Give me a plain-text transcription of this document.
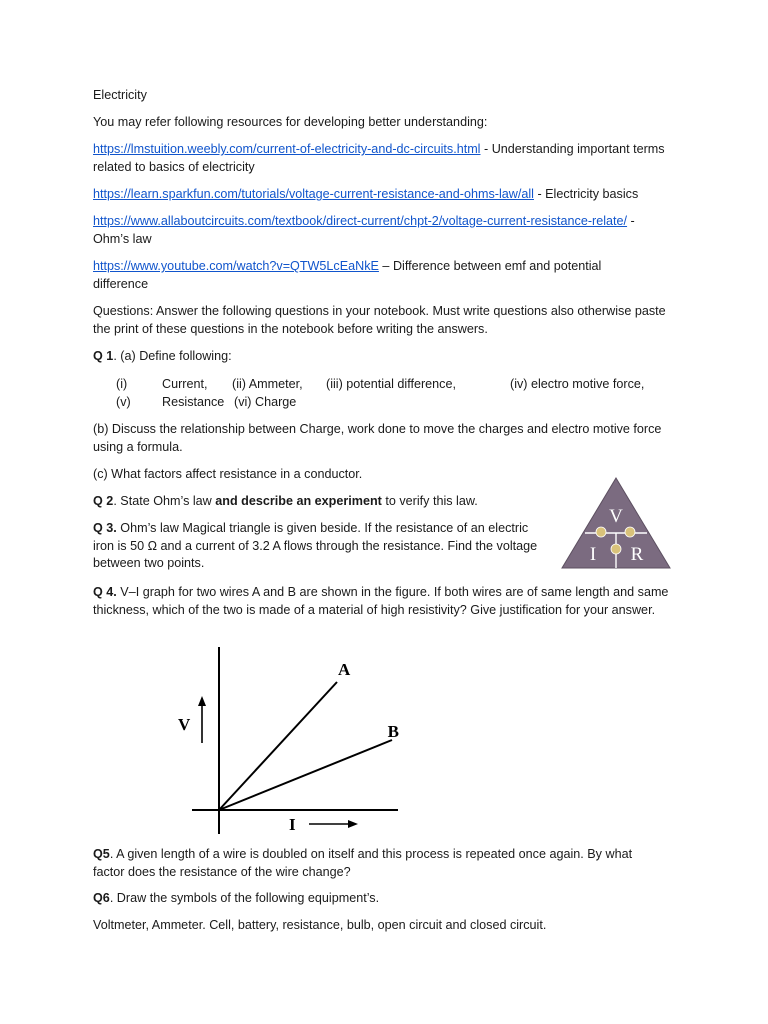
Electricity

You may refer following resources for developing better understanding:

https://lmstuition.weebly.com/current-of-electricity-and-dc-circuits.html - Understanding important terms related to basics of electricity

https://learn.sparkfun.com/tutorials/voltage-current-resistance-and-ohms-law/all - Electricity basics

https://www.allaboutcircuits.com/textbook/direct-current/chpt-2/voltage-current-resistance-relate/ - Ohm’s law

https://www.youtube.com/watch?v=QTW5LcEaNkE – Difference between emf and potential difference

Questions: Answer the following questions in your notebook. Must write questions also otherwise paste the print of these questions in the notebook before writing the answers.

Q 1. (a) Define following:

(i)	Current, (ii) Ammeter, (iii) potential difference,	(iv) electro motive force,
(v) Resistance (vi) Charge

(b) Discuss the relationship between Charge, work done to move the charges and electro motive force using a formula.

(c) What factors affect resistance in a conductor.

Q 2. State Ohm’s law and describe an experiment to verify this law.

Q 3. Ohm’s law Magical triangle is given beside. If the resistance of an electric iron is 50 Ω and a current of 3.2 A flows through the resistance. Find the voltage between two points.

V
I R

Q 4. V–I graph for two wires A and B are shown in the figure. If both wires are of same length and same thickness, which of the two is made of a material of high resistivity? Give justification for your answer.

A
B
V
I

Q5. A given length of a wire is doubled on itself and this process is repeated once again. By what factor does the resistance of the wire change?

Q6. Draw the symbols of the following equipment’s.

Voltmeter, Ammeter. Cell, battery, resistance, bulb, open circuit and closed circuit.
